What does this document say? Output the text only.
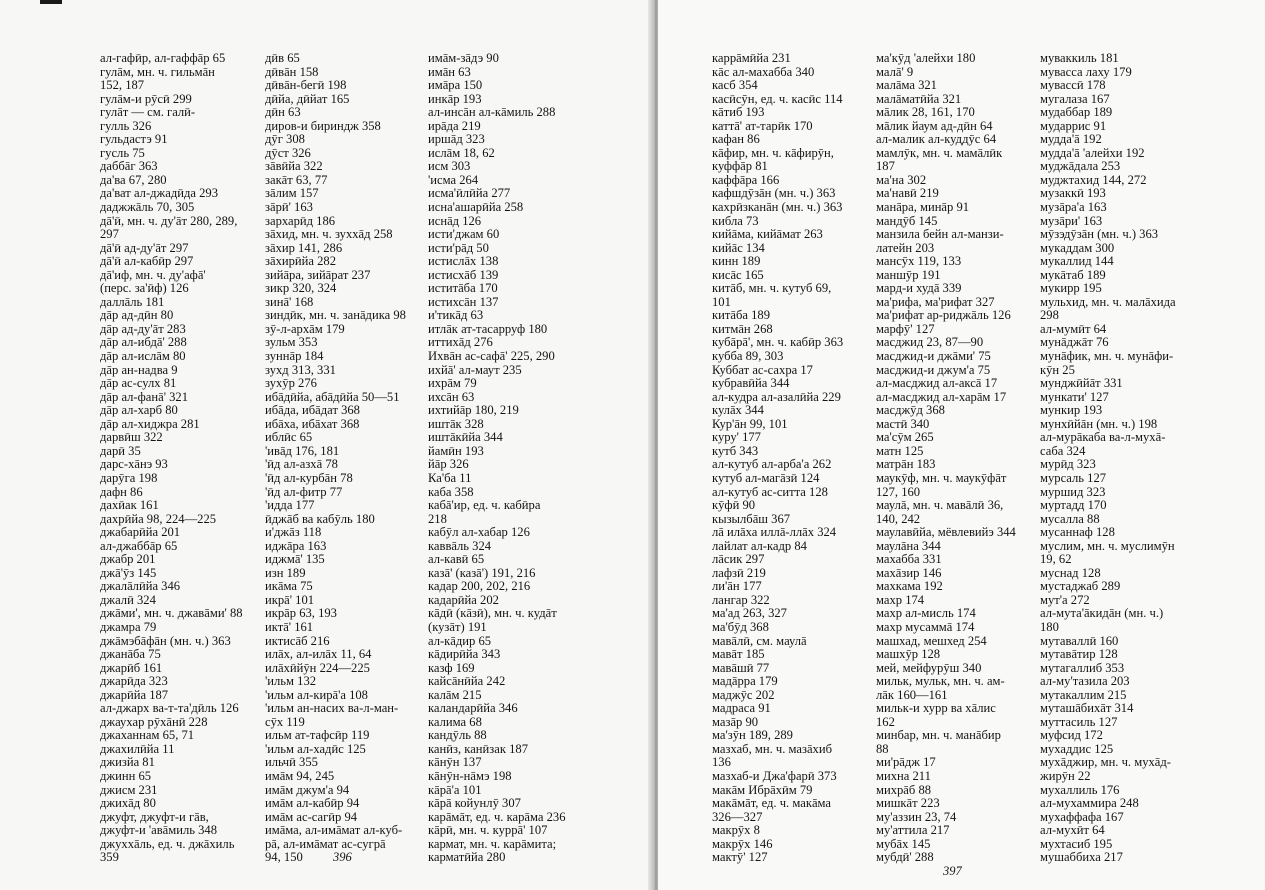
ал-гафӣр, ал-гаффāр 65
гулāм, мн. ч. гильмāн
152, 187
гулāм-и рӯсӣ 299
гулāт — см. галӣ-
гулль 326
гульдастэ 91
гусль 75
даббāг 363
да'ва 67, 280
да'ват ал-джадӣда 293
даджжāль 70, 305
дā'ӣ, мн. ч. ду'āт 280, 289,
297
дā'ӣ ад-ду'āт 297
дā'ӣ ал-кабӣр 297
дā'иф, мн. ч. ду'афā'
(перс. за'ӣф) 126
даллāль 181
дāр ад-дӣн 80
дāр ад-ду'āт 283
дāр ал-ибдā' 288
дāр ал-ислāм 80
дāр ан-надва 9
дāр ас-сулх 81
дāр ал-фанā' 321
дāр ал-харб 80
дāр ал-хиджра 281
дарвӣш 322
дарӣ 35
дарс-хāнэ 93
дарӯга 198
дафн 86
дахӣак 161
дахрӣйа 98, 224—225
джабарӣйа 201
ал-джаббāр 65
джабр 201
джā'ӯз 145
джалāлӣйа 346
джалӣ 324
джāми', мн. ч. джавāми' 88
джамра 79
джāмэбāфāн (мн. ч.) 363
джанāба 75
джарӣб 161
джарӣда 323
джарӣйа 187
ал-джарх ва-т-та'дӣль 126
джаухар рӯхāнӣ 228
джаханнам 65, 71
джахилӣйа 11
джизйа 81
джинн 65
джисм 231
джихāд 80
джуфт, джуфт-и гāв,
джуфт-и 'авāмиль 348
джуххāль, ед. ч. джāхиль
359
дӣв 65
дӣвāн 158
дӣвāн-бегӣ 198
дӣйа, дӣйат 165
дӣн 63
диров-и бириндж 358
дӯг 308
дӯст 326
зāвӣйа 322
закāт 63, 77
зāлим 157
зāрӣ' 163
зархарӣд 186
зāхид, мн. ч. зуххāд 258
зāхир 141, 286
зāхирӣйа 282
зийāра, зийāрат 237
зикр 320, 324
зинā' 168
зиндӣк, мн. ч. занāдика 98
зӯ-л-архāм 179
зульм 353
зуннāр 184
зухд 313, 331
зухӯр 276
ибāдӣйа, абāдӣйа 50—51
ибāда, ибāдат 368
ибāха, ибāхат 368
иблӣс 65
'ивāд 176, 181
'ӣд ал-азхā 78
'ӣд ал-курбāн 78
'ӣд ал-фитр 77
'идда 177
ӣджāб ва кабӯль 180
и'джāз 118
иджāра 163
иджмā' 135
изн 189
икāма 75
икрā' 101
икрāр 63, 193
иктā' 161
иктисāб 216
илāх, ал-илāх 11, 64
илāхӣйӯн 224—225
'ильм 132
'ильм ал-кирā'а 108
'ильм ан-насих ва-л-ман-
сӯх 119
ильм ат-тафсӣр 119
'ильм ал-хадӣс 125
ильчӣ 355
имāм 94, 245
имāм джум'а 94
имāм ал-кабӣр 94
имāм ас-сагӣр 94
имāма, ал-имāмат ал-куб-
рā, ал-имāмат ас-сугрā
94, 150
имāм-зāдэ 90
имāн 63
имāра 150
инкāр 193
ал-инсāн ал-кāмиль 288
ирāда 219
иршāд 323
ислāм 18, 62
исм 303
'исма 264
исма'ӣлӣйа 277
исна'ашарӣйа 258
иснāд 126
исти'джам 60
исти'рāд 50
истислāх 138
истисхāб 139
иститāба 170
истихсāн 137
и'тикāд 63
итлāк ат-тасарруф 180
иттихāд 276
Ихвāн ас-сафā' 225, 290
ихйā' ал-маут 235
ихрāм 79
ихсāн 63
ихтийāр 180, 219
иштāк 328
иштāкӣйа 344
йамӣн 193
йāр 326
Ка'ба 11
каба 358
кабā'ир, ед. ч. кабӣра
218
кабӯл ал-хабар 126
каввāль 324
ал-кавӣ 65
казā' (казā') 191, 216
кадар 200, 202, 216
кадарӣйа 202
кāдӣ (кāзӣ), мн. ч. кудāт
(кузāт) 191
ал-кāдир 65
кāдирӣйа 343
казф 169
кайсāнӣйа 242
калāм 215
каландарӣйа 346
калима 68
кандӯль 88
канӣз, канӣзак 187
кāнӯн 137
кāнӯн-нāмэ 198
кāрā'а 101
кāрā койунлӯ 307
карāмāт, ед. ч. карāма 236
кāрӣ, мн. ч. куррā' 107
кармат, мн. ч. карāмита;
карматӣйа 280
396
каррāмӣйа 231
кāс ал-махабба 340
касб 354
касӣсӯн, ед. ч. касӣс 114
кāтиб 193
каттā' ат-тарӣк 170
кафан 86
кāфир, мн. ч. кāфирӯн,
куффāр 81
каффāра 166
кафшдӯзāн (мн. ч.) 363
кахрӣзканāн (мн. ч.) 363
кибла 73
кийāма, кийāмат 263
кийāс 134
кинн 189
кисāс 165
китāб, мн. ч. кутуб 69,
101
китāба 189
китмāн 268
кубāрā', мн. ч. кабӣр 363
кубба 89, 303
Куббат ас-сахра 17
кубравӣйа 344
ал-кудра ал-азалӣйа 229
кулāх 344
Кур'āн 99, 101
куру' 177
кутб 343
ал-кутуб ал-арба'а 262
кутуб ал-магāзӣ 124
ал-кутуб ас-ситта 128
кӯфӣ 90
кызылбāш 367
лā илāха иллā-ллāх 324
лайлат ал-кадр 84
лāсик 297
лафзӣ 219
ли'āн 177
лангар 322
ма'ад 263, 327
ма'бӯд 368
мавāлӣ, см. маулā
мавāт 185
мавāшӣ 77
мадāрра 179
маджӯс 202
мадраса 91
мазāр 90
ма'зӯн 189, 289
мазхаб, мн. ч. мазāхиб
136
мазхаб-и Джа'фарӣ 373
макāм Ибрāхӣм 79
макāмāт, ед. ч. макāма
326—327
макрӯх 8
макрӯх 146
мактӯ' 127
ма'кӯд 'алейхи 180
малā' 9
малāма 321
малāматӣйа 321
мāлик 28, 161, 170
мāлик йаум ад-дӣн 64
ал-малик ал-куддӯс 64
мамлӯк, мн. ч. мамāлӣк
187
ма'на 302
ма'навӣ 219
манāра, минāр 91
мандӯб 145
манзила бейн ал-манзи-
латейн 203
мансӯх 119, 133
маншӯр 191
мард-и худā 339
ма'рифа, ма'рифат 327
ма'рифат ар-риджāль 126
марфӯ' 127
масджид 23, 87—90
масджид-и джāми' 75
масджид-и джум'а 75
ал-масджид ал-аксā 17
ал-масджид ал-харāм 17
масджӯд 368
мастӣ 340
ма'сӯм 265
матн 125
матрāн 183
маукӯф, мн. ч. маукӯфāт
127, 160
маулā, мн. ч. мавāлӣ 36,
140, 242
маулавӣйа, мёвлевийэ 344
маулāна 344
махабба 331
махāзир 146
махкама 192
махр 174
махр ал-мисль 174
махр мусаммā 174
машхад, мешхед 254
машхӯр 128
мей, мейфурӯш 340
мильк, мульк, мн. ч. ам-
лāк 160—161
мильк-и хурр ва хāлис
162
минбар, мн. ч. манāбир
88
ми'рāдж 17
михна 211
михрāб 88
мишкāт 223
му'аззин 23, 74
му'аттила 217
мубāх 145
мубдӣ' 288
муваккиль 181
мувасса лаху 179
мувассӣ 178
мугалаза 167
мудаббар 189
мударрис 91
мудда'ā 192
мудда'ā 'алейхи 192
муджāдала 253
муджтахид 144, 272
музаккӣ 193
музāра'а 163
музāри' 163
мӯзэдӯзāн (мн. ч.) 363
мукаддам 300
мукаллид 144
мукāтаб 189
мукирр 195
мульхид, мн. ч. малāхида
298
ал-мумӣт 64
мунāджāт 76
мунāфик, мн. ч. мунāфи-
кӯн 25
мунджӣйāт 331
мункати' 127
мункир 193
мунхӣйāн (мн. ч.) 198
ал-мурāкаба ва-л-мухā-
саба 324
мурӣд 323
мурсаль 127
муршид 323
муртадд 170
мусалла 88
мусаннаф 128
муслим, мн. ч. муслимӯн
19, 62
муснад 128
мустаджаб 289
мут'а 272
ал-мута'āкидāн (мн. ч.)
180
мутаваллӣ 160
мутавāтир 128
мутагаллиб 353
ал-му'тазила 203
мутакаллим 215
муташāбихāт 314
муттасиль 127
муфсид 172
мухаддис 125
мухāджир, мн. ч. мухāд-
жирӯн 22
мухаллиль 176
ал-мухаммира 248
мухаффафа 167
ал-мухӣт 64
мухтасиб 195
мушаббиха 217
397
